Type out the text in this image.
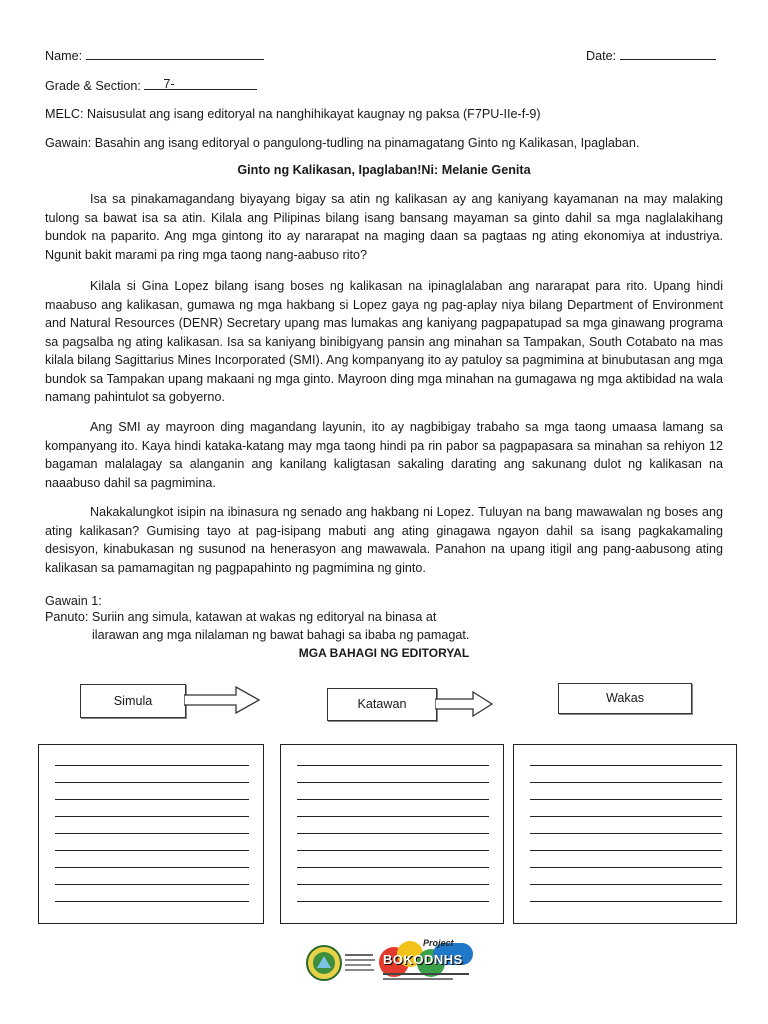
Name:	Date:
Grade & Section: 7-
MELC: Naisusulat ang isang editoryal na nanghihikayat kaugnay ng paksa (F7PU-IIe-f-9)
Gawain: Basahin ang isang editoryal o pangulong-tudling na pinamagatang Ginto ng Kalikasan, Ipaglaban.
Ginto ng Kalikasan, Ipaglaban!Ni: Melanie Genita

Isa sa pinakamagandang biyayang bigay sa atin ng kalikasan ay ang kaniyang kayamanan na may malaking tulong sa bawat isa sa atin. Kilala ang Pilipinas bilang isang bansang mayaman sa ginto dahil sa mga naglalakihang bundok na paparito. Ang mga gintong ito ay nararapat na maging daan sa pagtaas ng ating ekonomiya at industriya. Ngunit bakit marami pa ring mga taong nang-aabuso rito?

Kilala si Gina Lopez bilang isang boses ng kalikasan na ipinaglalaban ang nararapat para rito. Upang hindi maabuso ang kalikasan, gumawa ng mga hakbang si Lopez gaya ng pag-aplay niya bilang Department of Environment and Natural Resources (DENR) Secretary upang mas lumakas ang kaniyang pagpapatupad sa mga ginawang programa sa pagsalba ng ating kalikasan. Isa sa kaniyang binibigyang pansin ang minahan sa Tampakan, South Cotabato na mas kilala bilang Sagittarius Mines Incorporated (SMI). Ang kompanyang ito ay patuloy sa pagmimina at binubutasan ang mga bundok sa Tampakan upang makaani ng mga ginto. Mayroon ding mga minahan na gumagawa ng mga aktibidad na wala namang pahintulot sa gobyerno.

Ang SMI ay mayroon ding magandang layunin, ito ay nagbibigay trabaho sa mga taong umaasa lamang sa kompanyang ito. Kaya hindi kataka-katang may mga taong hindi pa rin pabor sa pagpapasara sa minahan sa rehiyon 12 bagaman malalagay sa alanganin ang kanilang kaligtasan sakaling darating ang sakunang dulot ng kalikasan na naaabuso dahil sa pagmimina.

Nakakalungkot isipin na ibinasura ng senado ang hakbang ni Lopez. Tuluyan na bang mawawalan ng boses ang ating kalikasan? Gumising tayo at pag-isipang mabuti ang ating ginagawa ngayon dahil sa isang pagkakamaling desisyon, kinabukasan ng susunod na henerasyon ang mawawala. Panahon na upang itigil ang pang-aabusong ating kalikasan sa pamamagitan ng pagpapahinto ng pagmimina ng ginto.

Gawain 1:
Panuto: Suriin ang simula, katawan at wakas ng editoryal na binasa at
ilarawan ang mga nilalaman ng bawat bahagi sa ibaba ng pamagat.
MGA BAHAGI NG EDITORYAL
Simula	Katawan	Wakas
Project
BOKODNHS
